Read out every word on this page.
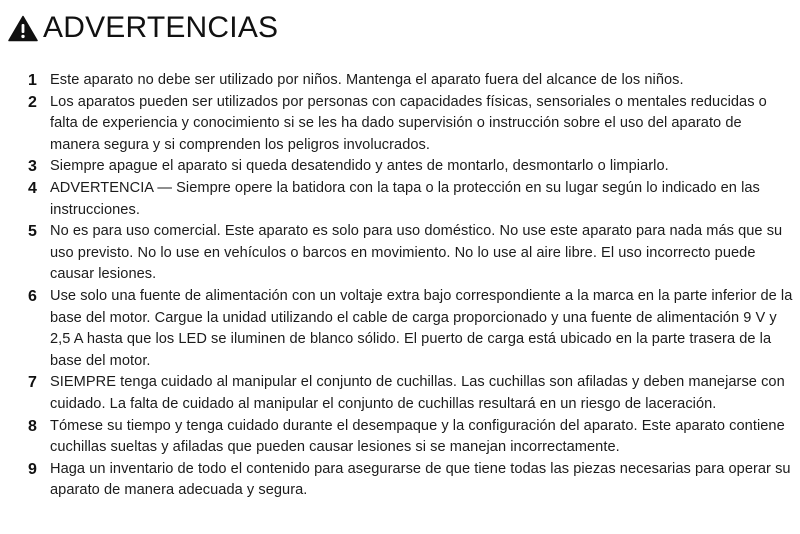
ADVERTENCIAS
1 Este aparato no debe ser utilizado por niños. Mantenga el aparato fuera del alcance de los niños.
2 Los aparatos pueden ser utilizados por personas con capacidades físicas, sensoriales o mentales reducidas o falta de experiencia y conocimiento si se les ha dado supervisión o instrucción sobre el uso del aparato de manera segura y si comprenden los peligros involucrados.
3 Siempre apague el aparato si queda desatendido y antes de montarlo, desmontarlo o limpiarlo.
4 ADVERTENCIA — Siempre opere la batidora con la tapa o la protección en su lugar según lo indicado en las instrucciones.
5 No es para uso comercial. Este aparato es solo para uso doméstico. No use este aparato para nada más que su uso previsto. No lo use en vehículos o barcos en movimiento. No lo use al aire libre. El uso incorrecto puede causar lesiones.
6 Use solo una fuente de alimentación con un voltaje extra bajo correspondiente a la marca en la parte inferior de la base del motor. Cargue la unidad utilizando el cable de carga proporcionado y una fuente de alimentación 9 V y 2,5 A hasta que los LED se iluminen de blanco sólido. El puerto de carga está ubicado en la parte trasera de la base del motor.
7 SIEMPRE tenga cuidado al manipular el conjunto de cuchillas. Las cuchillas son afiladas y deben manejarse con cuidado. La falta de cuidado al manipular el conjunto de cuchillas resultará en un riesgo de laceración.
8 Tómese su tiempo y tenga cuidado durante el desempaque y la configuración del aparato. Este aparato contiene cuchillas sueltas y afiladas que pueden causar lesiones si se manejan incorrectamente.
9 Haga un inventario de todo el contenido para asegurarse de que tiene todas las piezas necesarias para operar su aparato de manera adecuada y segura.
